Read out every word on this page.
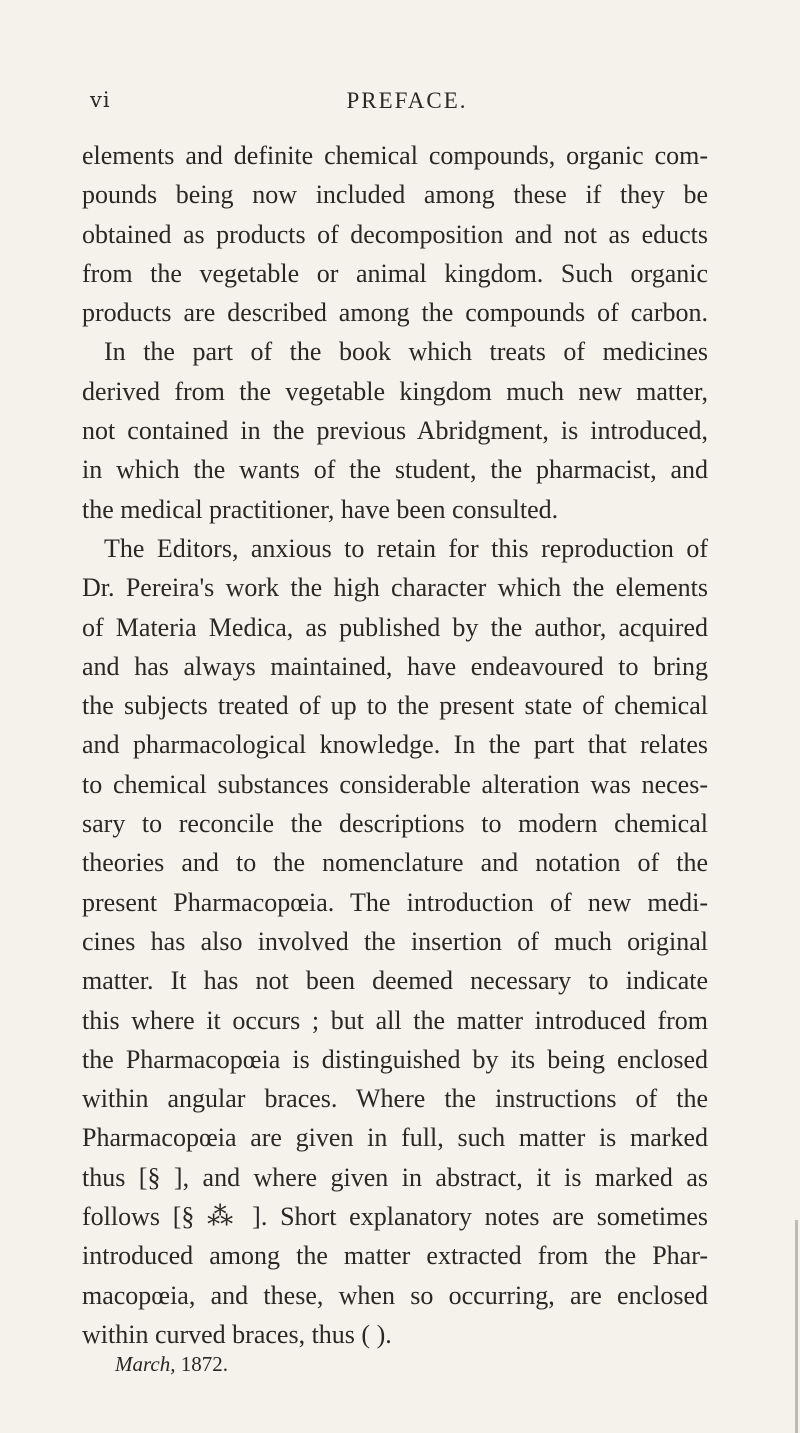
vi	PREFACE.
elements and definite chemical compounds, organic com-
pounds being now included among these if they be
obtained as products of decomposition and not as educts
from the vegetable or animal kingdom. Such organic
products are described among the compounds of carbon.
In the part of the book which treats of medicines
derived from the vegetable kingdom much new matter,
not contained in the previous Abridgment, is introduced,
in which the wants of the student, the pharmacist, and
the medical practitioner, have been consulted.
The Editors, anxious to retain for this reproduction of
Dr. Pereira's work the high character which the elements
of Materia Medica, as published by the author, acquired
and has always maintained, have endeavoured to bring
the subjects treated of up to the present state of chemical
and pharmacological knowledge. In the part that relates
to chemical substances considerable alteration was neces-
sary to reconcile the descriptions to modern chemical
theories and to the nomenclature and notation of the
present Pharmacopœia. The introduction of new medi-
cines has also involved the insertion of much original
matter. It has not been deemed necessary to indicate
this where it occurs ; but all the matter introduced from
the Pharmacopœia is distinguished by its being enclosed
within angular braces. Where the instructions of the
Pharmacopœia are given in full, such matter is marked
thus [§ ], and where given in abstract, it is marked as
follows [§ ⁂ ]. Short explanatory notes are sometimes
introduced among the matter extracted from the Phar-
macopœia, and these, when so occurring, are enclosed
within curved braces, thus ( ).
March, 1872.
